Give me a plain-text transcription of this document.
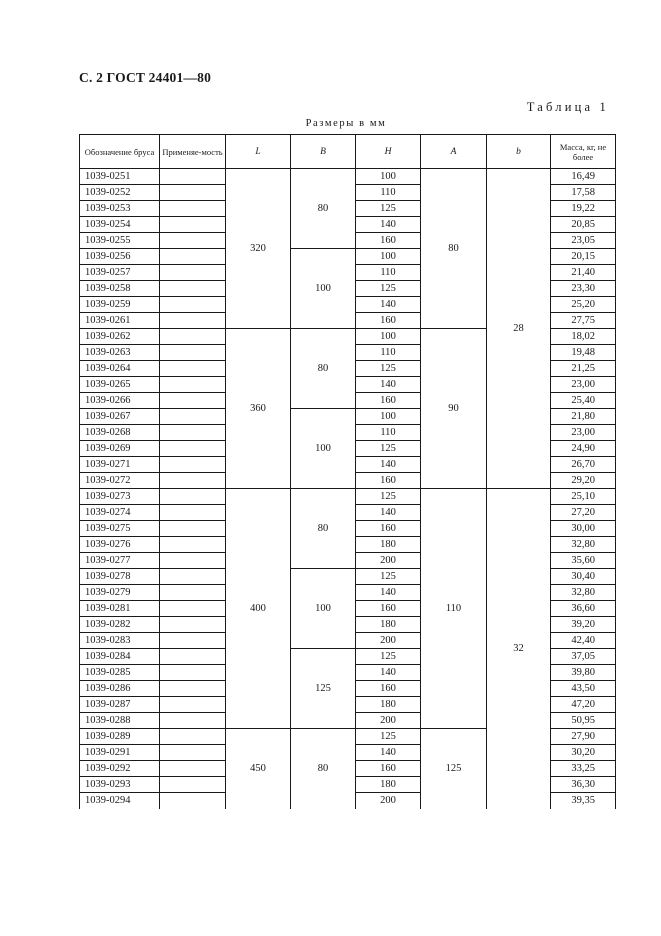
С. 2 ГОСТ 24401—80
Таблица 1
Размеры в мм
Обозначение бруса	Применяе-мость	L	B	H	A	b	Масса, кг, не более
1039-0251		320	80	100	80	28	16,49
1039-0252				110			17,58
1039-0253				125			19,22
1039-0254				140			20,85
1039-0255				160			23,05
1039-0256			100	100			20,15
1039-0257				110			21,40
1039-0258				125			23,30
1039-0259				140			25,20
1039-0261				160			27,75
1039-0262		360	80	100	90		18,02
1039-0263				110			19,48
1039-0264				125			21,25
1039-0265				140			23,00
1039-0266				160			25,40
1039-0267			100	100			21,80
1039-0268				110			23,00
1039-0269				125			24,90
1039-0271				140			26,70
1039-0272				160			29,20
1039-0273		400	80	125	110	32	25,10
1039-0274				140			27,20
1039-0275				160			30,00
1039-0276				180			32,80
1039-0277				200			35,60
1039-0278			100	125			30,40
1039-0279				140			32,80
1039-0281				160			36,60
1039-0282				180			39,20
1039-0283				200			42,40
1039-0284			125	125			37,05
1039-0285				140			39,80
1039-0286				160			43,50
1039-0287				180			47,20
1039-0288				200			50,95
1039-0289		450	80	125	125		27,90
1039-0291				140			30,20
1039-0292				160			33,25
1039-0293				180			36,30
1039-0294				200			39,35
